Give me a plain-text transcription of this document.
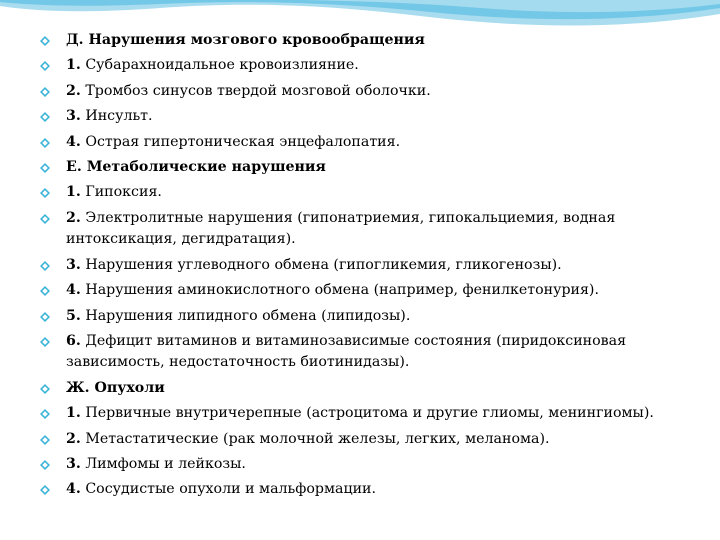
Д. Нарушения мозгового кровообращения
1. Субарахноидальное кровоизлияние.
2. Тромбоз синусов твердой мозговой оболочки.
3. Инсульт.
4. Острая гипертоническая энцефалопатия.
Е. Метаболические нарушения
1. Гипоксия.
2. Электролитные нарушения (гипонатриемия, гипокальциемия, водная интоксикация, дегидратация).
3. Нарушения углеводного обмена (гипогликемия, гликогенозы).
4. Нарушения аминокислотного обмена (например, фенилкетонурия).
5. Нарушения липидного обмена (липидозы).
6. Дефицит витаминов и витаминозависимые состояния (пиридоксиновая зависимость, недостаточность биотинидазы).
Ж. Опухоли
1. Первичные внутричерепные (астроцитома и другие глиомы, менингиомы).
2. Метастатические (рак молочной железы, легких, меланома).
3. Лимфомы и лейкозы.
4. Сосудистые опухоли и мальформации.
